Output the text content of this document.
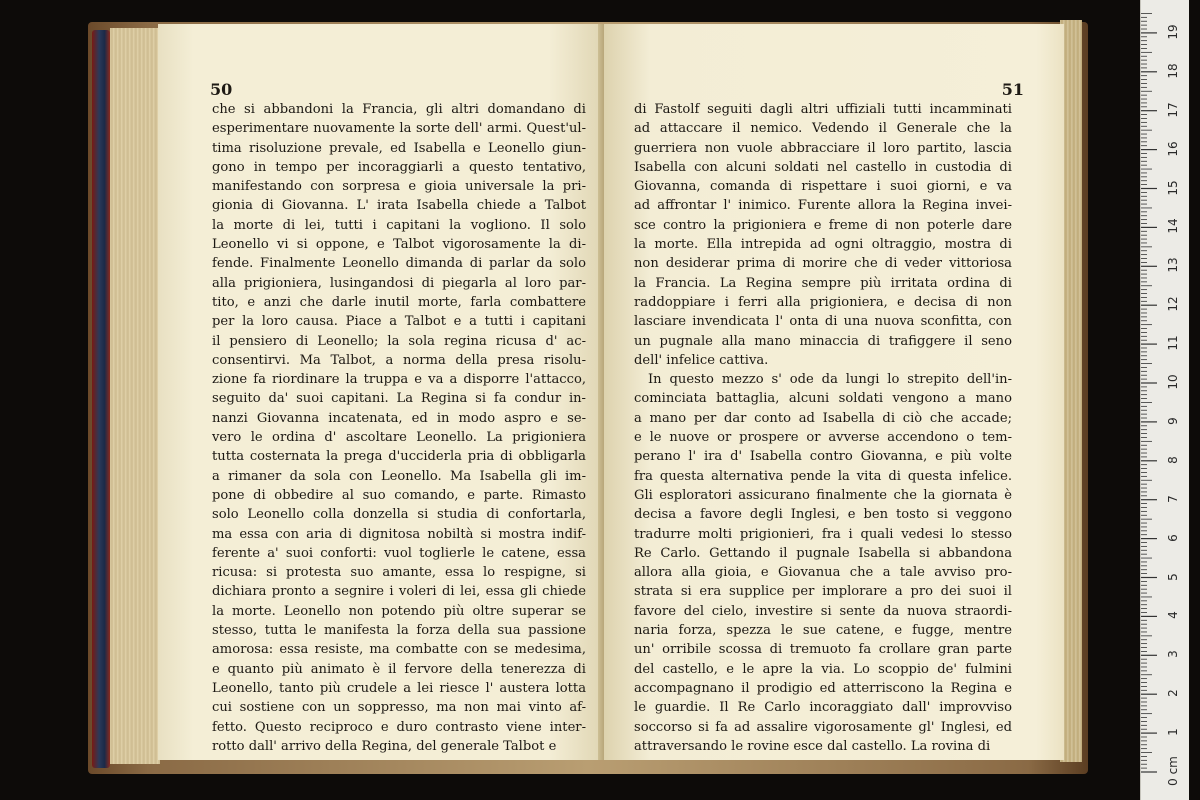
50
che si abbandoni la Francia, gli altri domandano di
esperimentare nuovamente la sorte dell' armi. Quest'ul-
tima risoluzione prevale, ed Isabella e Leonello giun-
gono in tempo per incoraggiarli a questo tentativo,
manifestando con sorpresa e gioia universale la pri-
gionia di Giovanna. L' irata Isabella chiede a Talbot
la morte di lei, tutti i capitani la vogliono. Il solo
Leonello vi si oppone, e Talbot vigorosamente la di-
fende. Finalmente Leonello dimanda di parlar da solo
alla prigioniera, lusingandosi di piegarla al loro par-
tito, e anzi che darle inutil morte, farla combattere
per la loro causa. Piace a Talbot e a tutti i capitani
il pensiero di Leonello; la sola regina ricusa d' ac-
consentirvi. Ma Talbot, a norma della presa risolu-
zione fa riordinare la truppa e va a disporre l'attacco,
seguito da' suoi capitani. La Regina si fa condur in-
nanzi Giovanna incatenata, ed in modo aspro e se-
vero le ordina d' ascoltare Leonello. La prigioniera
tutta costernata la prega d'ucciderla pria di obbligarla
a rimaner da sola con Leonello. Ma Isabella gli im-
pone di obbedire al suo comando, e parte. Rimasto
solo Leonello colla donzella si studia di confortarla,
ma essa con aria di dignitosa nobiltà si mostra indif-
ferente a' suoi conforti: vuol toglierle le catene, essa
ricusa: si protesta suo amante, essa lo respigne, si
dichiara pronto a segnire i voleri di lei, essa gli chiede
la morte. Leonello non potendo più oltre superar se
stesso, tutta le manifesta la forza della sua passione
amorosa: essa resiste, ma combatte con se medesima,
e quanto più animato è il fervore della tenerezza di
Leonello, tanto più crudele a lei riesce l' austera lotta
cui sostiene con un soppresso, ma non mai vinto af-
fetto. Questo reciproco e duro contrasto viene inter-
rotto dall' arrivo della Regina, del generale Talbot e
51
di Fastolf seguiti dagli altri uffiziali tutti incamminati
ad attaccare il nemico. Vedendo il Generale che la
guerriera non vuole abbracciare il loro partito, lascia
Isabella con alcuni soldati nel castello in custodia di
Giovanna, comanda di rispettare i suoi giorni, e va
ad affrontar l' inimico. Furente allora la Regina invei-
sce contro la prigioniera e freme di non poterle dare
la morte. Ella intrepida ad ogni oltraggio, mostra di
non desiderar prima di morire che di veder vittoriosa
la Francia. La Regina sempre più irritata ordina di
raddoppiare i ferri alla prigioniera, e decisa di non
lasciare invendicata l' onta di una nuova sconfitta, con
un pugnale alla mano minaccia di trafiggere il seno
dell' infelice cattiva.
In questo mezzo s' ode da lungi lo strepito dell'in-
cominciata battaglia, alcuni soldati vengono a mano
a mano per dar conto ad Isabella di ciò che accade;
e le nuove or prospere or avverse accendono o tem-
perano l' ira d' Isabella contro Giovanna, e più volte
fra questa alternativa pende la vita di questa infelice.
Gli esploratori assicurano finalmente che la giornata è
decisa a favore degli Inglesi, e ben tosto si veggono
tradurre molti prigionieri, fra i quali vedesi lo stesso
Re Carlo. Gettando il pugnale Isabella si abbandona
allora alla gioia, e Giovanua che a tale avviso pro-
strata si era supplice per implorare a pro dei suoi il
favore del cielo, investire si sente da nuova straordi-
naria forza, spezza le sue catene, e fugge, mentre
un' orribile scossa di tremuoto fa crollare gran parte
del castello, e le apre la via. Lo scoppio de' fulmini
accompagnano il prodigio ed atterriscono la Regina e
le guardie. Il Re Carlo incoraggiato dall' improvviso
soccorso si fa ad assalire vigorosamente gl' Inglesi, ed
attraversando le rovine esce dal castello. La rovina di
0 cm
1
2
3
4
5
6
7
8
9
10
11
12
13
14
15
16
17
18
19
